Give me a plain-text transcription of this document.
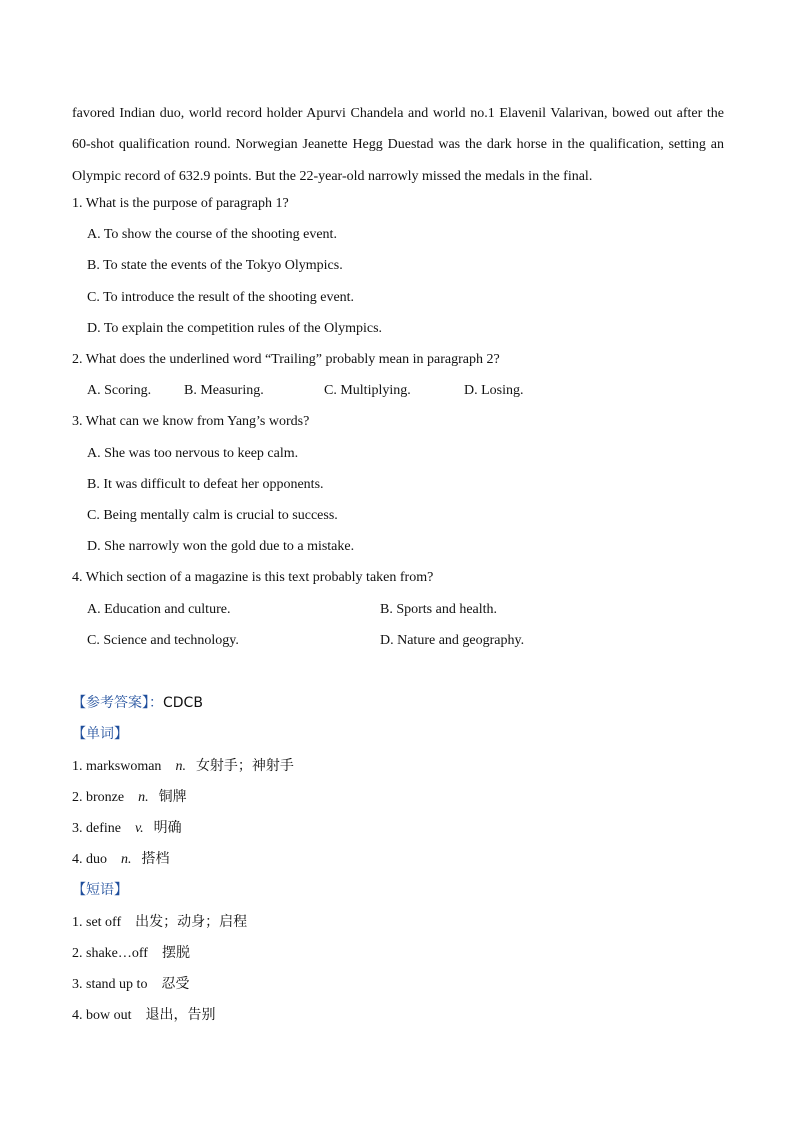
favored Indian duo, world record holder Apurvi Chandela and world no.1 Elavenil Valarivan, bowed out after the 60-shot qualification round. Norwegian Jeanette Hegg Duestad was the dark horse in the qualification, setting an Olympic record of 632.9 points. But the 22-year-old narrowly missed the medals in the final.

1. What is the purpose of paragraph 1?
A. To show the course of the shooting event.
B. To state the events of the Tokyo Olympics.
C. To introduce the result of the shooting event.
D. To explain the competition rules of the Olympics.
2. What does the underlined word “Trailing” probably mean in paragraph 2?
A. Scoring. B. Measuring.	C. Multiplying.	D. Losing.
3. What can we know from Yang’s words?
A. She was too nervous to keep calm.
B. It was difficult to defeat her opponents.
C. Being mentally calm is crucial to success.
D. She narrowly won the gold due to a mistake.
4. Which section of a magazine is this text probably taken from?
A. Education and culture.	B. Sports and health.
C. Science and technology.	D. Nature and geography.
【参考答案】：CDCB
【单词】
1. markswoman n. 女射手；神射手
2. bronze n. 铜牌
3. define v. 明确
4. duo n. 搭档
【短语】
1. set off 出发；动身；启程
2. shake…off 摆脱
3. stand up to 忍受
4. bow out 退出，告别
